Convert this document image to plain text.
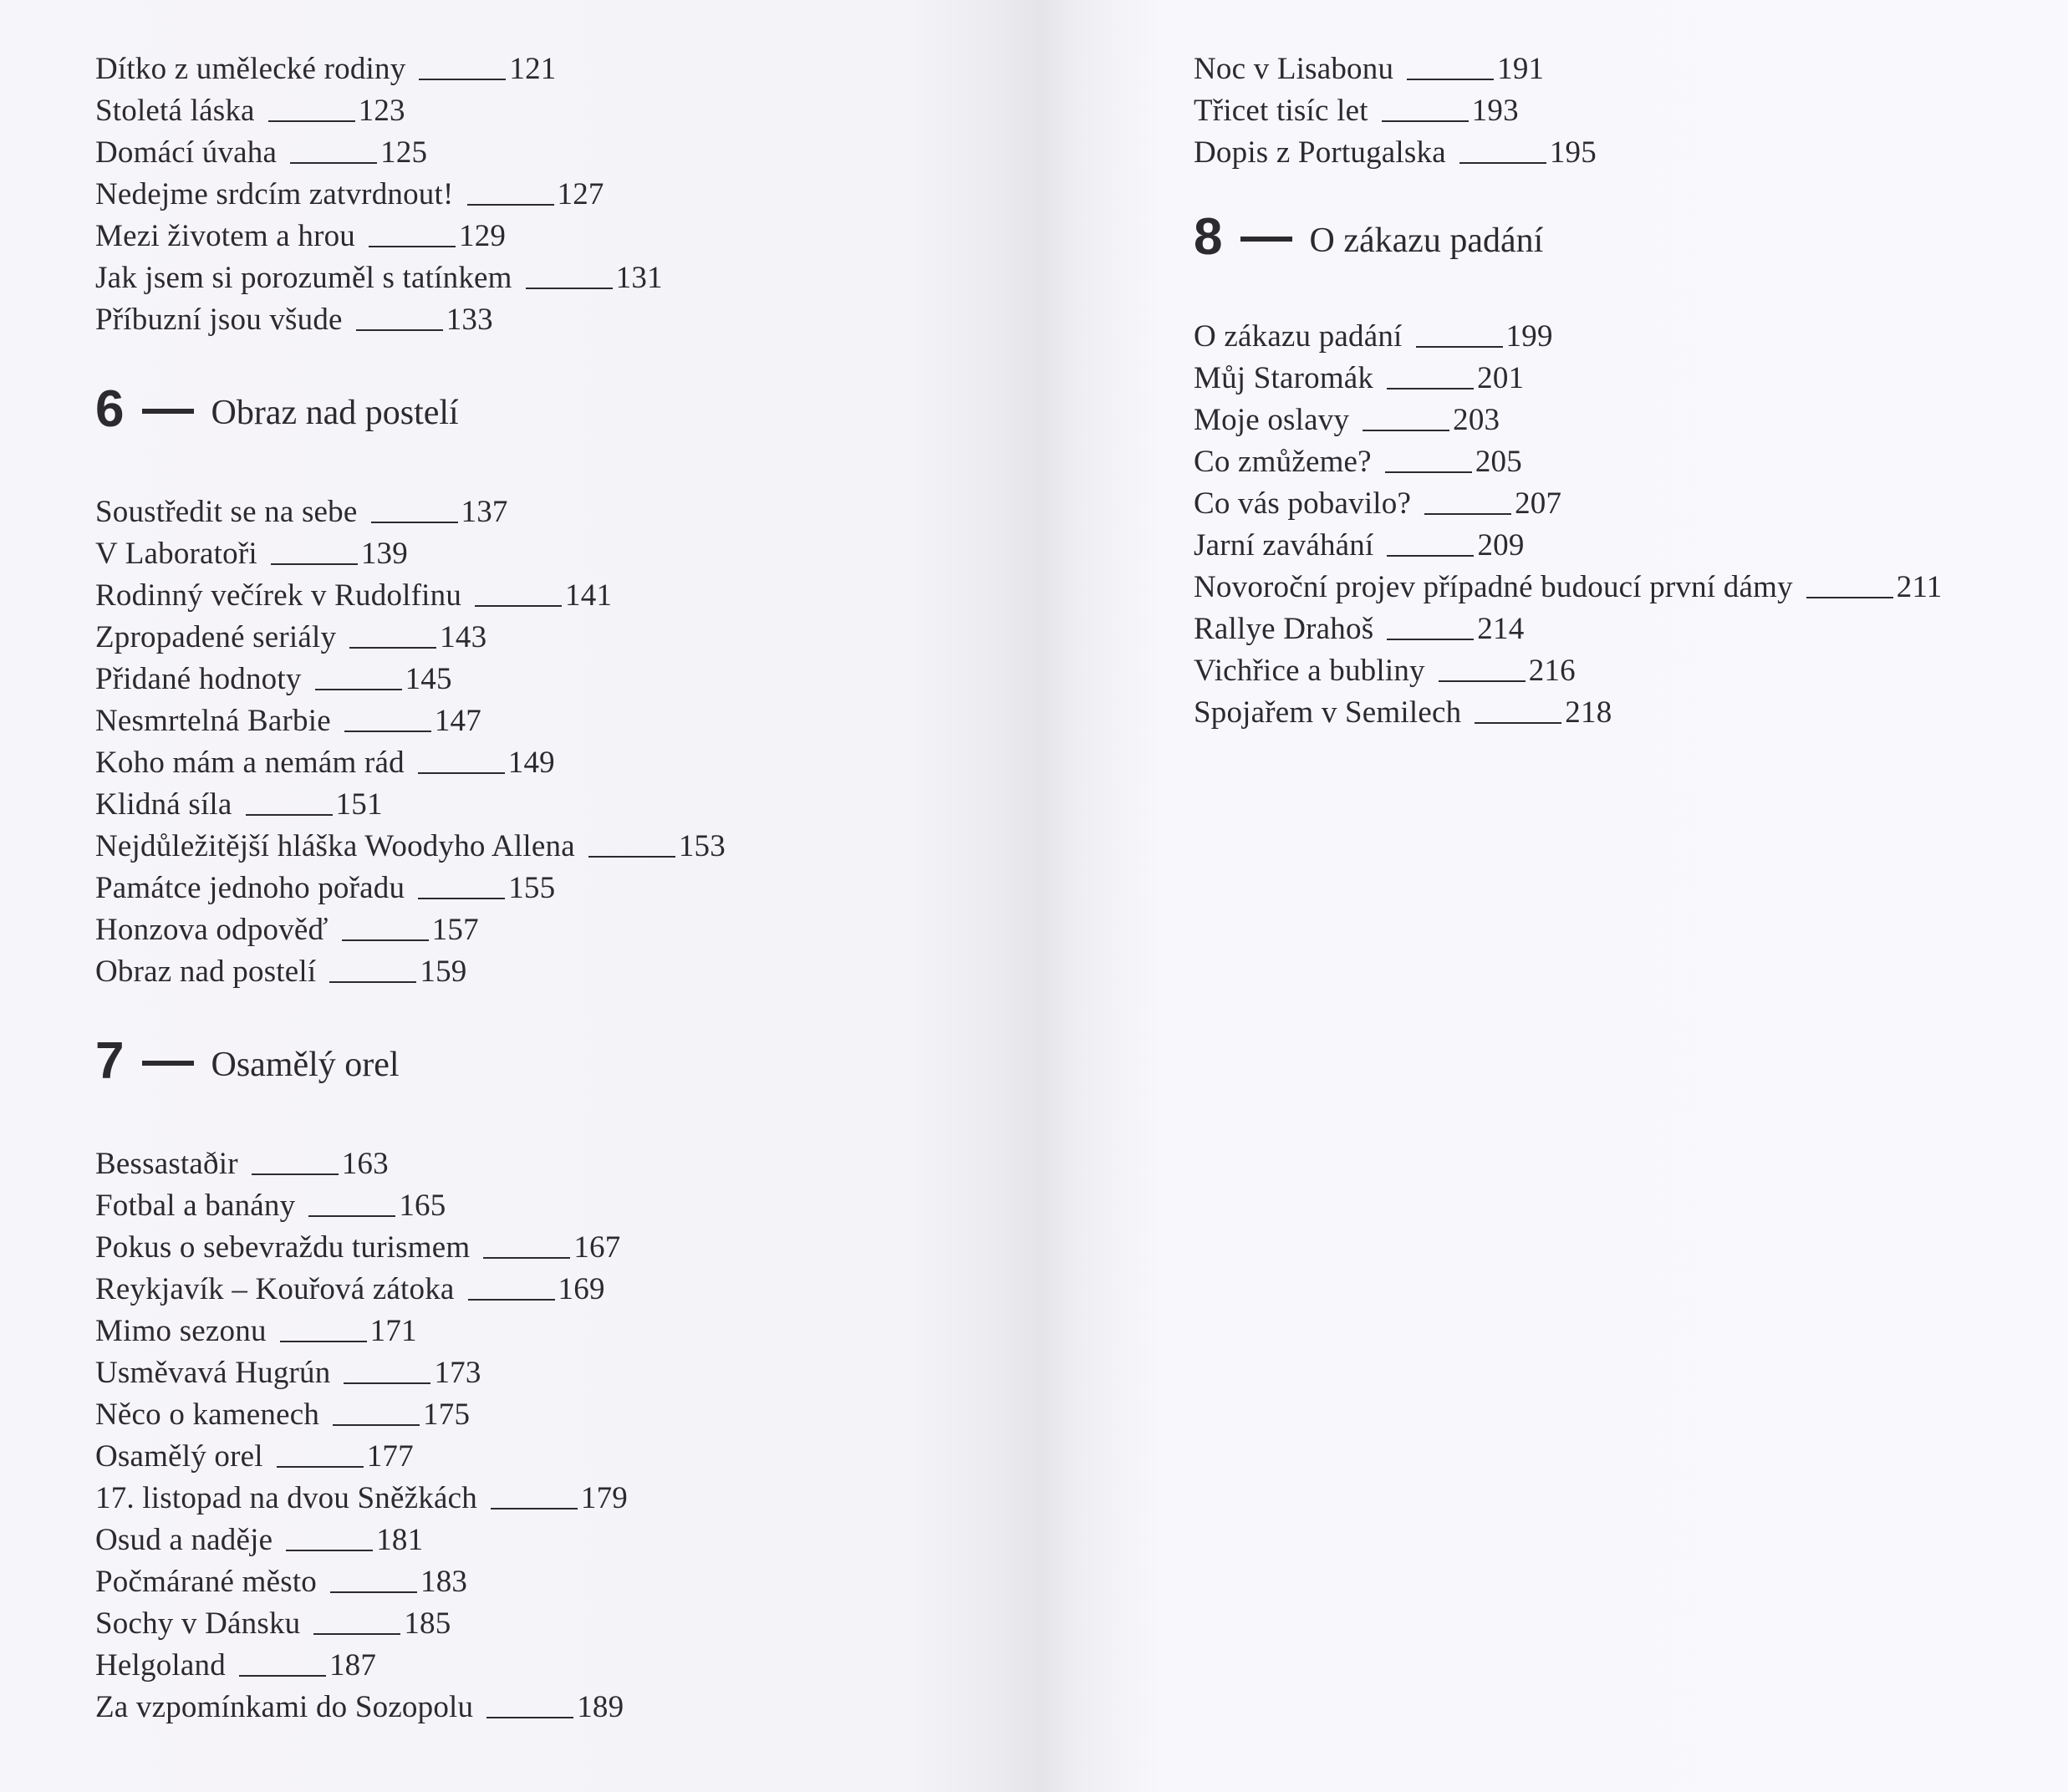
Dítko z umělecké rodiny	121
Stoletá láska	123
Domácí úvaha	125
Nedejme srdcím zatvrdnout!	127
Mezi životem a hrou	129
Jak jsem si porozuměl s tatínkem	131
Příbuzní jsou všude	133
6 Obraz nad postelí
Soustředit se na sebe	137
V Laboratoři	139
Rodinný večírek v Rudolfinu	141
Zpropadené seriály	143
Přidané hodnoty	145
Nesmrtelná Barbie	147
Koho mám a nemám rád	149
Klidná síla	151
Nejdůležitější hláška Woodyho Allena	153
Památce jednoho pořadu	155
Honzova odpověď	157
Obraz nad postelí	159
7 Osamělý orel
Bessastaðir	163
Fotbal a banány	165
Pokus o sebevraždu turismem	167
Reykjavík – Kouřová zátoka	169
Mimo sezonu	171
Usměvavá Hugrún	173
Něco o kamenech	175
Osamělý orel	177
17. listopad na dvou Sněžkách	179
Osud a naděje	181
Počmárané město	183
Sochy v Dánsku	185
Helgoland	187
Za vzpomínkami do Sozopolu	189
Noc v Lisabonu	191
Třicet tisíc let	193
Dopis z Portugalska	195
8 O zákazu padání
O zákazu padání	199
Můj Staromák	201
Moje oslavy	203
Co zmůžeme?	205
Co vás pobavilo?	207
Jarní zaváhání	209
Novoroční projev případné budoucí první dámy	211
Rallye Drahoš	214
Vichřice a bubliny	216
Spojařem v Semilech	218
